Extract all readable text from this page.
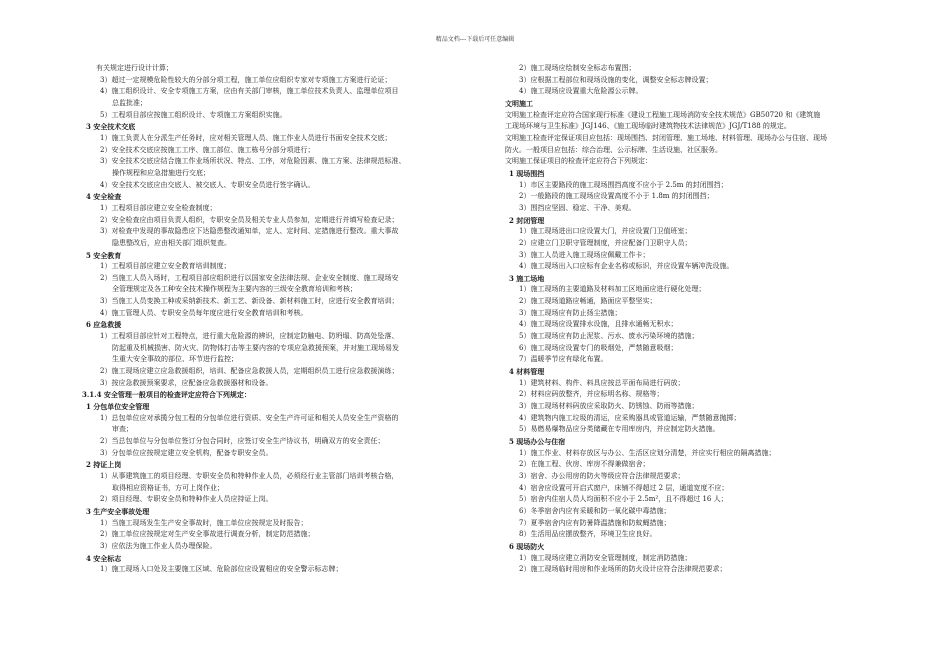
精品文档---下载后可任意编辑
有关规定进行设计计算；
3）超过一定规模危险性较大的分部分项工程，施工单位应组织专家对专项施工方案进行论证；
4）施工组织设计、安全专项施工方案，应由有关部门审核，施工单位技术负责人、监理单位项目
总监批准；
5）工程项目部应按施工组织设计、专项施工方案组织实施。
3 安全技术交底
1）施工负责人在分派生产任务时，应对相关管理人员、施工作业人员进行书面安全技术交底；
2）安全技术交底应按施工工序、施工部位、施工栋号分部分项进行；
3）安全技术交底应结合施工作业场所状况、特点、工序，对危险因素、施工方案、法律规范标准、
操作规程和应急措施进行交底；
4）安全技术交底应由交底人、被交底人、专职安全员进行签字确认。
4 安全检查
1）工程项目部应建立安全检查制度；
2）安全检查应由项目负责人组织，专职安全员及相关专业人员参加，定期进行并填写检查记录；
3）对检查中发现的事故隐患应下达隐患整改通知单，定人、定时间、定措施进行整改。重大事故
隐患整改后，应由相关部门组织复查。
5 安全教育
1）工程项目部应建立安全教育培训制度；
2）当施工人员入场时，工程项目部应组织进行以国家安全法律法规、企业安全制度、施工现场安
全管理规定及各工种安全技术操作规程为主要内容的三级安全教育培训和考核；
3）当施工人员变换工种或采纳新技术、新工艺、新设备、新材料施工时，应进行安全教育培训；
4）施工管理人员、专职安全员每年度应进行安全教育培训和考核。
6 应急救援
1）工程项目部应针对工程特点，进行重大危险源的辨识，应制定防触电、防坍塌、防高处坠落、
防起重及机械损害、防火灾、防物体打击等主要内容的专项应急救援预案，并对施工现场易发
生重大安全事故的部位、环节进行监控；
2）施工现场应建立应急救援组织，培训、配备应急救援人员，定期组织员工进行应急救援演练；
3）按应急救援预案要求，应配备应急救援器材和设备。
3.1.4 安全管理一般项目的检查评定应符合下列规定：
1 分包单位安全管理
1）总包单位应对承揽分包工程的分包单位进行资质、安全生产许可证和相关人员安全生产资格的
审查；
2）当总包单位与分包单位签订分包合同时，应签订安全生产协议书，明确双方的安全责任；
3）分包单位应按规定建立安全机构，配备专职安全员。
2 持证上岗
1）从事建筑施工的项目经理、专职安全员和特种作业人员，必须经行业主管部门培训考核合格，
取得相应资格证书，方可上岗作业；
2）项目经理、专职安全员和特种作业人员应持证上岗。
3 生产安全事故处理
1）当施工现场发生生产安全事故时，施工单位应按规定及时报告；
2）施工单位应按规定对生产安全事故进行调查分析，制定防范措施；
3）应依法为施工作业人员办理保险。
4 安全标志
1）施工现场入口处及主要施工区域、危险部位应设置相应的安全警示标志牌；
2）施工现场应绘制安全标志布置图；
3）应根据工程部位和现场设施的变化，调整安全标志牌设置；
4）施工现场应设置重大危险源公示牌。
文明施工
文明施工检查评定应符合国家现行标准《建设工程施工现场消防安全技术规范》GB50720 和《建筑施
工现场环境与卫生标准》JGJ146、《施工现场临时建筑物技术法律规范》JGJ/T188 的规定。
文明施工检查评定保证项目应包括：现场围挡、封闭管理、施工场地、材料管理、现场办公与住宿、现场
防火。一般项目应包括：综合治理、公示标牌、生活设施、社区服务。
文明施工保证项目的检查评定应符合下列规定：
1 现场围挡
1）市区主要路段的施工现场围挡高度不应小于 2.5m 的封闭围挡；
2）一般路段的施工现场应设置高度不小于 1.8m 的封闭围挡；
3）围挡应坚固、稳定、干净、美观。
2 封闭管理
1）施工现场进出口应设置大门，并应设置门卫值班室；
2）应建立门卫职守管理制度，并应配备门卫职守人员；
3）施工人员进入施工现场应佩戴工作卡；
4）施工现场出入口应标有企业名称或标识，并应设置车辆冲洗设施。
3 施工场地
1）施工现场的主要道路及材料加工区地面应进行硬化处理；
2）施工现场道路应畅通，路面应平整坚实；
3）施工现场应有防止扬尘措施；
4）施工现场应设置排水设施，且排水通畅无积水；
5）施工现场应有防止泥浆、污水、废水污染环境的措施；
6）施工现场应设置专门的吸烟处，严禁随意吸烟；
7）温暖季节应有绿化布置。
4 材料管理
1）建筑材料、构件、料具应按总平面布局进行码放；
2）材料应码放整齐，并应标明名称、规格等；
3）施工现场材料码放应采取防火、防锈蚀、防雨等措施；
4）建筑物内施工垃圾的清运，应采购器具或管道运输，严禁随意抛掷；
5）易燃易爆物品应分类储藏在专用库房内，并应制定防火措施。
5 现场办公与住宿
1）施工作业、材料存放区与办公、生活区应划分清楚，并应实行相应的隔离措施；
2）在施工程、伙房、库房不得兼做宿舍；
3）宿舍、办公用房的防火等级应符合法律规范要求；
4）宿舍应设置可开启式窗户，床铺不得超过 2 层，通道宽度不应；
5）宿舍内住宿人员人均面积不应小于 2.5m²，且不得超过 16 人；
6）冬季宿舍内应有采暖和防一氧化碳中毒措施；
7）夏季宿舍内应有防暑降温措施和防蚊蝇措施；
8）生活用品应摆放整齐，环境卫生应良好。
6 现场防火
1）施工现场应建立消防安全管理制度，制定消防措施；
2）施工现场临时用房和作业场所的防火设计应符合法律规范要求；
